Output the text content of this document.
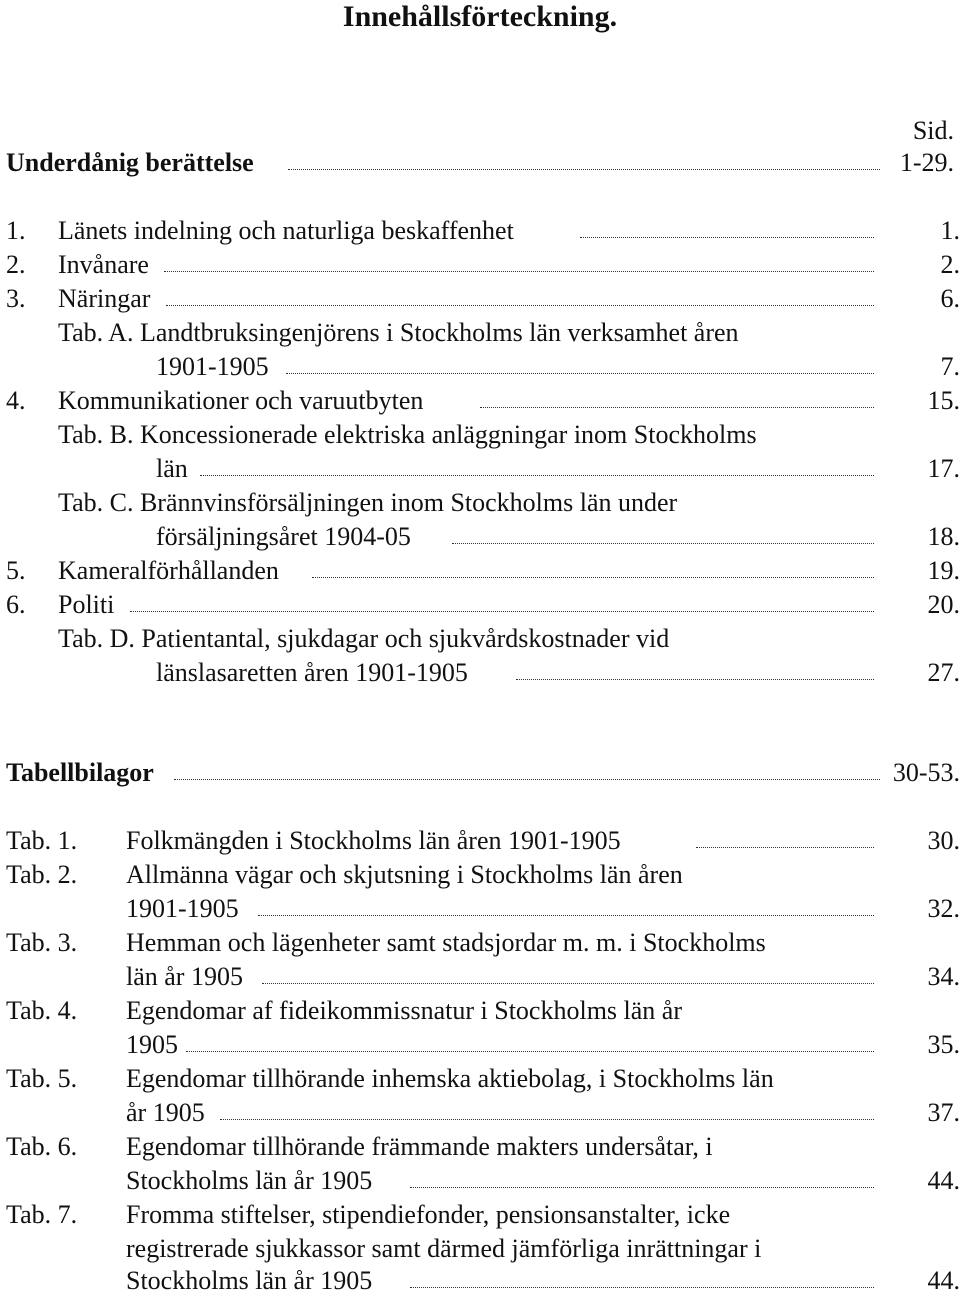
Innehållsförteckning.
Sid.
Underdånig berättelse	1-29.
1. Länets indelning och naturliga beskaffenhet	1.
2. Invånare	2.
3. Näringar	6.
Tab. A. Landtbruksingenjörens i Stockholms län verksamhet åren
1901-1905	7.
4. Kommunikationer och varuutbyten	15.
Tab. B. Koncessionerade elektriska anläggningar inom Stockholms
län	17.
Tab. C. Brännvinsförsäljningen inom Stockholms län under
försäljningsåret 1904-05	18.
5. Kameralförhållanden	19.
6. Politi	20.
Tab. D. Patientantal, sjukdagar och sjukvårdskostnader vid
länslasaretten åren 1901-1905	27.
Tabellbilagor	30-53.
Tab. 1. Folkmängden i Stockholms län åren 1901-1905	30.
Tab. 2. Allmänna vägar och skjutsning i Stockholms län åren
1901-1905	32.
Tab. 3. Hemman och lägenheter samt stadsjordar m. m. i Stockholms
län år 1905	34.
Tab. 4. Egendomar af fideikommissnatur i Stockholms län år
1905	35.
Tab. 5. Egendomar tillhörande inhemska aktiebolag, i Stockholms län
år 1905	37.
Tab. 6. Egendomar tillhörande främmande makters undersåtar, i
Stockholms län år 1905	44.
Tab. 7. Fromma stiftelser, stipendiefonder, pensionsanstalter, icke
registrerade sjukkassor samt därmed jämförliga inrättningar i
Stockholms län år 1905	44.
